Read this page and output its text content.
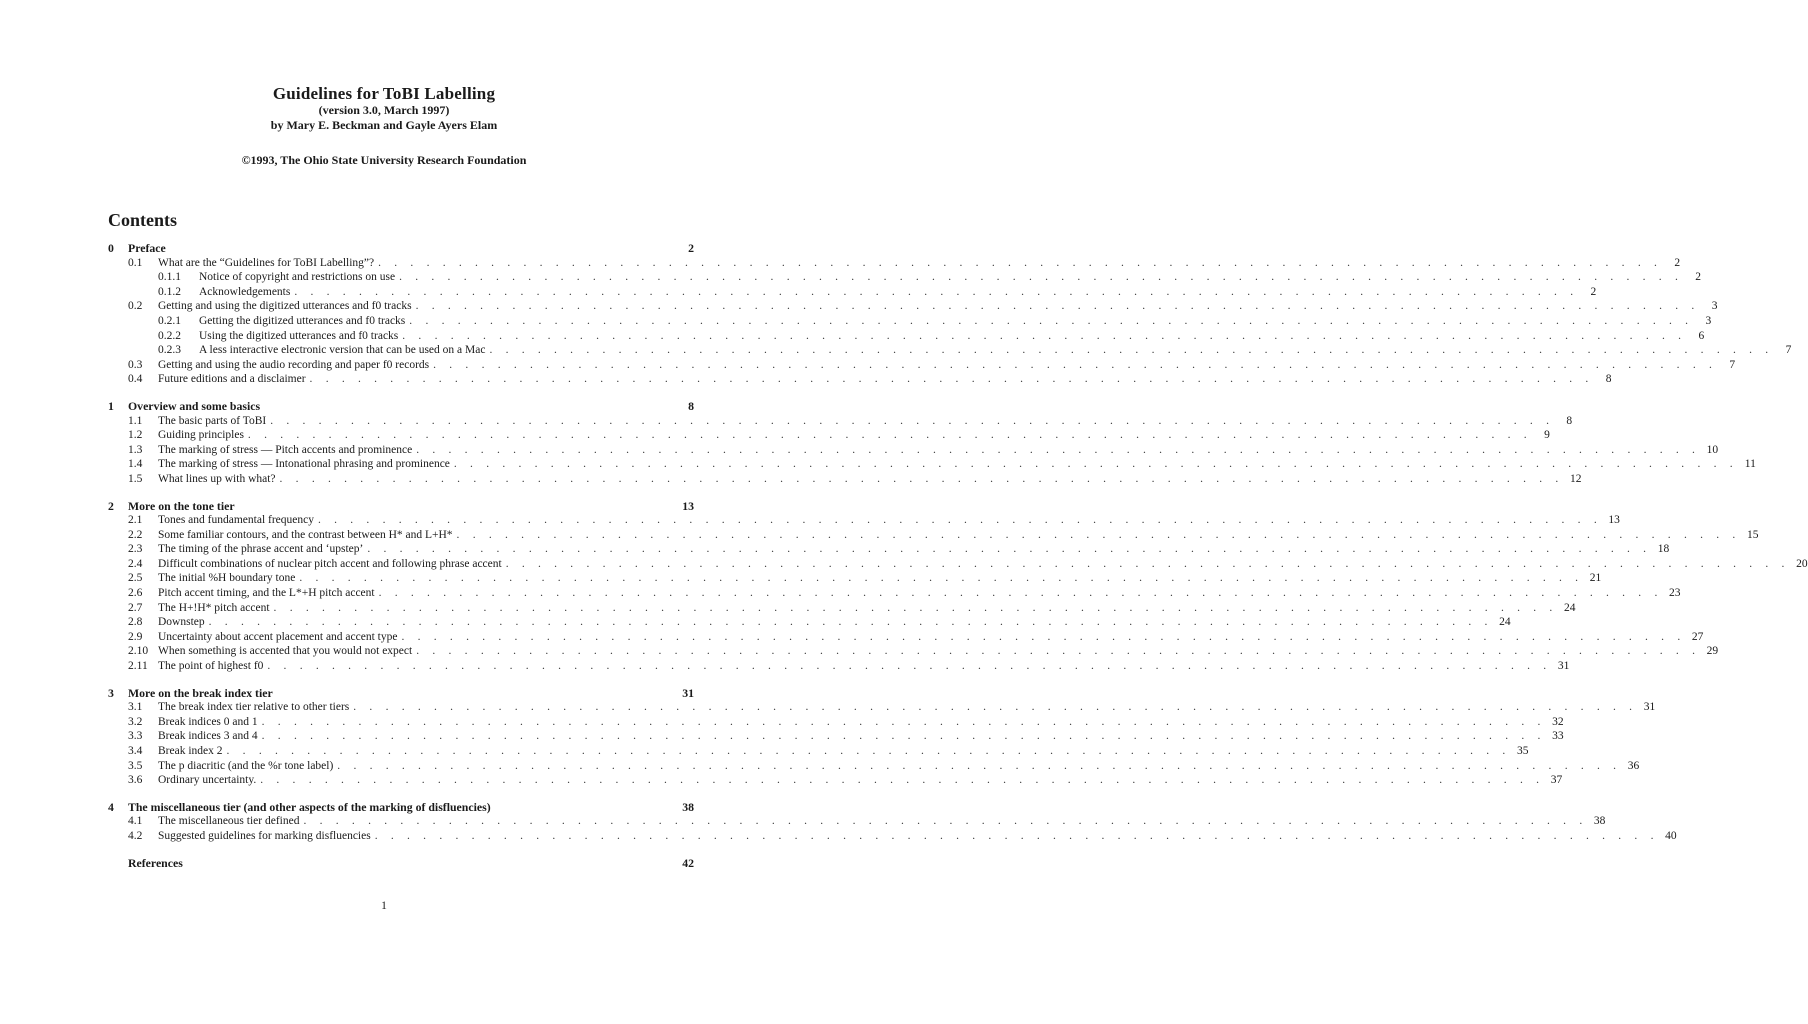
Guidelines for ToBI Labelling
(version 3.0, March 1997)
by Mary E. Beckman and Gayle Ayers Elam
©1993, The Ohio State University Research Foundation
Contents
0	Preface	2
0.1	What are the “Guidelines for ToBI Labelling”? . . . . . . . . . . . . . . . . . . . . . . . . . . . . . . . . . . . . . . . . . . . . . . . . . . . . . . . . . . . . . . . . . . . . . . . . . . . . . . . .	2
0.1.1	Notice of copyright and restrictions on use . . . . . . . . . . . . . . . . . . . . . . . . . . . . . . . . . . . . . . . . . . . . . . . . . . . . . . . . . . . . . . . . . . . . . . . . . . . . . . . .	2
0.1.2	Acknowledgements . . . . . . . . . . . . . . . . . . . . . . . . . . . . . . . . . . . . . . . . . . . . . . . . . . . . . . . . . . . . . . . . . . . . . . . . . . . . . . . .	2
0.2	Getting and using the digitized utterances and f0 tracks . . . . . . . . . . . . . . . . . . . . . . . . . . . . . . . . . . . . . . . . . . . . . . . . . . . . . . . . . . . . . . . . . . . . . . . . . . . . . . . .	3
0.2.1	Getting the digitized utterances and f0 tracks . . . . . . . . . . . . . . . . . . . . . . . . . . . . . . . . . . . . . . . . . . . . . . . . . . . . . . . . . . . . . . . . . . . . . . . . . . . . . . . .	3
0.2.2	Using the digitized utterances and f0 tracks . . . . . . . . . . . . . . . . . . . . . . . . . . . . . . . . . . . . . . . . . . . . . . . . . . . . . . . . . . . . . . . . . . . . . . . . . . . . . . . .	6
0.2.3	A less interactive electronic version that can be used on a Mac . . . . . . . . . . . . . . . . . . . . . . . . . . . . . . . . . . . . . . . . . . . . . . . . . . . . . . . . . . . . . . . . . . . . . . . . . . . . . . . .	7
0.3	Getting and using the audio recording and paper f0 records . . . . . . . . . . . . . . . . . . . . . . . . . . . . . . . . . . . . . . . . . . . . . . . . . . . . . . . . . . . . . . . . . . . . . . . . . . . . . . . .	7
0.4	Future editions and a disclaimer . . . . . . . . . . . . . . . . . . . . . . . . . . . . . . . . . . . . . . . . . . . . . . . . . . . . . . . . . . . . . . . . . . . . . . . . . . . . . . . .	8
1	Overview and some basics	8
1.1	The basic parts of ToBI . . . . . . . . . . . . . . . . . . . . . . . . . . . . . . . . . . . . . . . . . . . . . . . . . . . . . . . . . . . . . . . . . . . . . . . . . . . . . . . .	8
1.2	Guiding principles . . . . . . . . . . . . . . . . . . . . . . . . . . . . . . . . . . . . . . . . . . . . . . . . . . . . . . . . . . . . . . . . . . . . . . . . . . . . . . . .	9
1.3	The marking of stress — Pitch accents and prominence . . . . . . . . . . . . . . . . . . . . . . . . . . . . . . . . . . . . . . . . . . . . . . . . . . . . . . . . . . . . . . . . . . . . . . . . . . . . . . . . 10
1.4	The marking of stress — Intonational phrasing and prominence . . . . . . . . . . . . . . . . . . . . . . . . . . . . . . . . . . . . . . . . . . . . . . . . . . . . . . . . . . . . . . . . . . . . . . . . . . . . . . . . 11
1.5	What lines up with what? . . . . . . . . . . . . . . . . . . . . . . . . . . . . . . . . . . . . . . . . . . . . . . . . . . . . . . . . . . . . . . . . . . . . . . . . . . . . . . . . 12
2	More on the tone tier	13
2.1	Tones and fundamental frequency . . . . . . . . . . . . . . . . . . . . . . . . . . . . . . . . . . . . . . . . . . . . . . . . . . . . . . . . . . . . . . . . . . . . . . . . . . . . . . . . 13
2.2	Some familiar contours, and the contrast between H* and L+H* . . . . . . . . . . . . . . . . . . . . . . . . . . . . . . . . . . . . . . . . . . . . . . . . . . . . . . . . . . . . . . . . . . . . . . . . . . . . . . . . 15
2.3	The timing of the phrase accent and ‘upstep’ . . . . . . . . . . . . . . . . . . . . . . . . . . . . . . . . . . . . . . . . . . . . . . . . . . . . . . . . . . . . . . . . . . . . . . . . . . . . . . . . 18
2.4	Difficult combinations of nuclear pitch accent and following phrase accent . . . . . . . . . . . . . . . . . . . . . . . . . . . . . . . . . . . . . . . . . . . . . . . . . . . . . . . . . . . . . . . . . . . . . . . . . . . . . . . . 20
2.5	The initial %H boundary tone . . . . . . . . . . . . . . . . . . . . . . . . . . . . . . . . . . . . . . . . . . . . . . . . . . . . . . . . . . . . . . . . . . . . . . . . . . . . . . . . 21
2.6	Pitch accent timing, and the L*+H pitch accent . . . . . . . . . . . . . . . . . . . . . . . . . . . . . . . . . . . . . . . . . . . . . . . . . . . . . . . . . . . . . . . . . . . . . . . . . . . . . . . . 23
2.7	The H+!H* pitch accent . . . . . . . . . . . . . . . . . . . . . . . . . . . . . . . . . . . . . . . . . . . . . . . . . . . . . . . . . . . . . . . . . . . . . . . . . . . . . . . . 24
2.8	Downstep . . . . . . . . . . . . . . . . . . . . . . . . . . . . . . . . . . . . . . . . . . . . . . . . . . . . . . . . . . . . . . . . . . . . . . . . . . . . . . . . 24
2.9	Uncertainty about accent placement and accent type . . . . . . . . . . . . . . . . . . . . . . . . . . . . . . . . . . . . . . . . . . . . . . . . . . . . . . . . . . . . . . . . . . . . . . . . . . . . . . . . 27
2.10 When something is accented that you would not expect . . . . . . . . . . . . . . . . . . . . . . . . . . . . . . . . . . . . . . . . . . . . . . . . . . . . . . . . . . . . . . . . . . . . . . . . . . . . . . . . 29
2.11 The point of highest f0 . . . . . . . . . . . . . . . . . . . . . . . . . . . . . . . . . . . . . . . . . . . . . . . . . . . . . . . . . . . . . . . . . . . . . . . . . . . . . . . . 31
3	More on the break index tier	31
3.1	The break index tier relative to other tiers . . . . . . . . . . . . . . . . . . . . . . . . . . . . . . . . . . . . . . . . . . . . . . . . . . . . . . . . . . . . . . . . . . . . . . . . . . . . . . . . 31
3.2	Break indices 0 and 1 . . . . . . . . . . . . . . . . . . . . . . . . . . . . . . . . . . . . . . . . . . . . . . . . . . . . . . . . . . . . . . . . . . . . . . . . . . . . . . . . 32
3.3	Break indices 3 and 4 . . . . . . . . . . . . . . . . . . . . . . . . . . . . . . . . . . . . . . . . . . . . . . . . . . . . . . . . . . . . . . . . . . . . . . . . . . . . . . . . 33
3.4	Break index 2 . . . . . . . . . . . . . . . . . . . . . . . . . . . . . . . . . . . . . . . . . . . . . . . . . . . . . . . . . . . . . . . . . . . . . . . . . . . . . . . . 35
3.5	The p diacritic (and the %r tone label) . . . . . . . . . . . . . . . . . . . . . . . . . . . . . . . . . . . . . . . . . . . . . . . . . . . . . . . . . . . . . . . . . . . . . . . . . . . . . . . . 36
3.6	Ordinary uncertainty. . . . . . . . . . . . . . . . . . . . . . . . . . . . . . . . . . . . . . . . . . . . . . . . . . . . . . . . . . . . . . . . . . . . . . . . . . . . . . . . . 37
4	The miscellaneous tier (and other aspects of the marking of disfluencies)	38
4.1	The miscellaneous tier defined . . . . . . . . . . . . . . . . . . . . . . . . . . . . . . . . . . . . . . . . . . . . . . . . . . . . . . . . . . . . . . . . . . . . . . . . . . . . . . . . 38
4.2	Suggested guidelines for marking disfluencies . . . . . . . . . . . . . . . . . . . . . . . . . . . . . . . . . . . . . . . . . . . . . . . . . . . . . . . . . . . . . . . . . . . . . . . . . . . . . . . . 40
References	42
1
